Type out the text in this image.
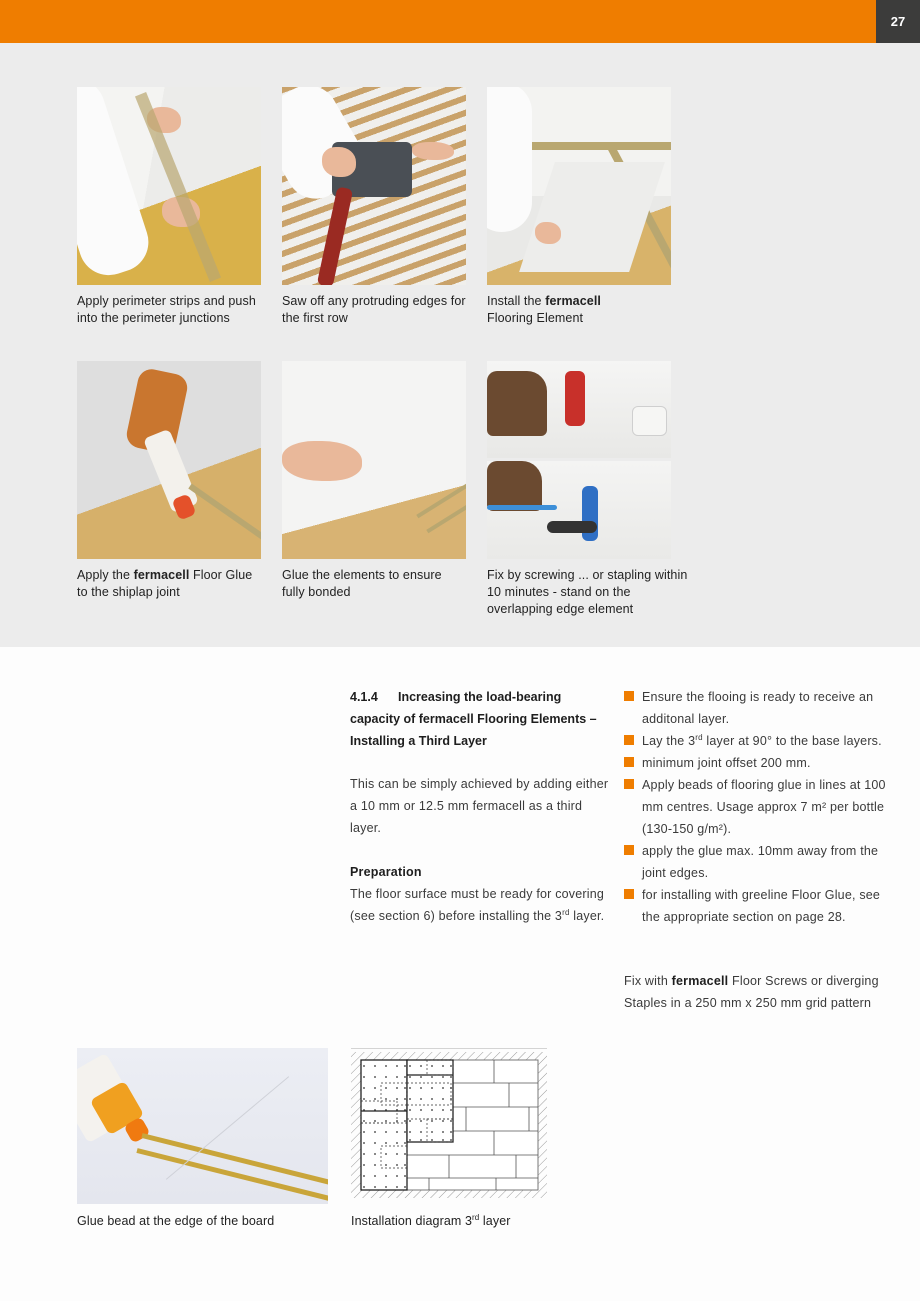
27
Apply perimeter strips and push into the perimeter junctions
Saw off any protruding edges for the first row
Install the fermacell Flooring Element
Apply the fermacell Floor Glue to the shiplap joint
Glue the elements to ensure fully bonded
Fix by screwing ... or stapling within 10 minutes - stand on the overlapping edge element
4.1.4 Increasing the load-bearing capacity of fermacell Flooring Elements – Installing a Third Layer
This can be simply achieved by adding either a 10 mm or 12.5 mm fermacell as a third layer.
Preparation
The floor surface must be ready for covering (see section 6) before installing the 3rd layer.
Ensure the flooing is ready to receive an additonal layer.
Lay the 3rd layer at 90° to the base layers.
minimum joint offset 200 mm.
Apply beads of flooring glue in lines at 100 mm centres. Usage approx 7 m² per bottle (130-150 g/m²).
apply the glue max. 10mm away from the joint edges.
for installing with greeline Floor Glue, see the appropriate section on page 28.
Fix with fermacell Floor Screws or diverging Staples in a 250 mm x 250 mm grid pattern
Glue bead at the edge of the board	Installation diagram 3rd layer
